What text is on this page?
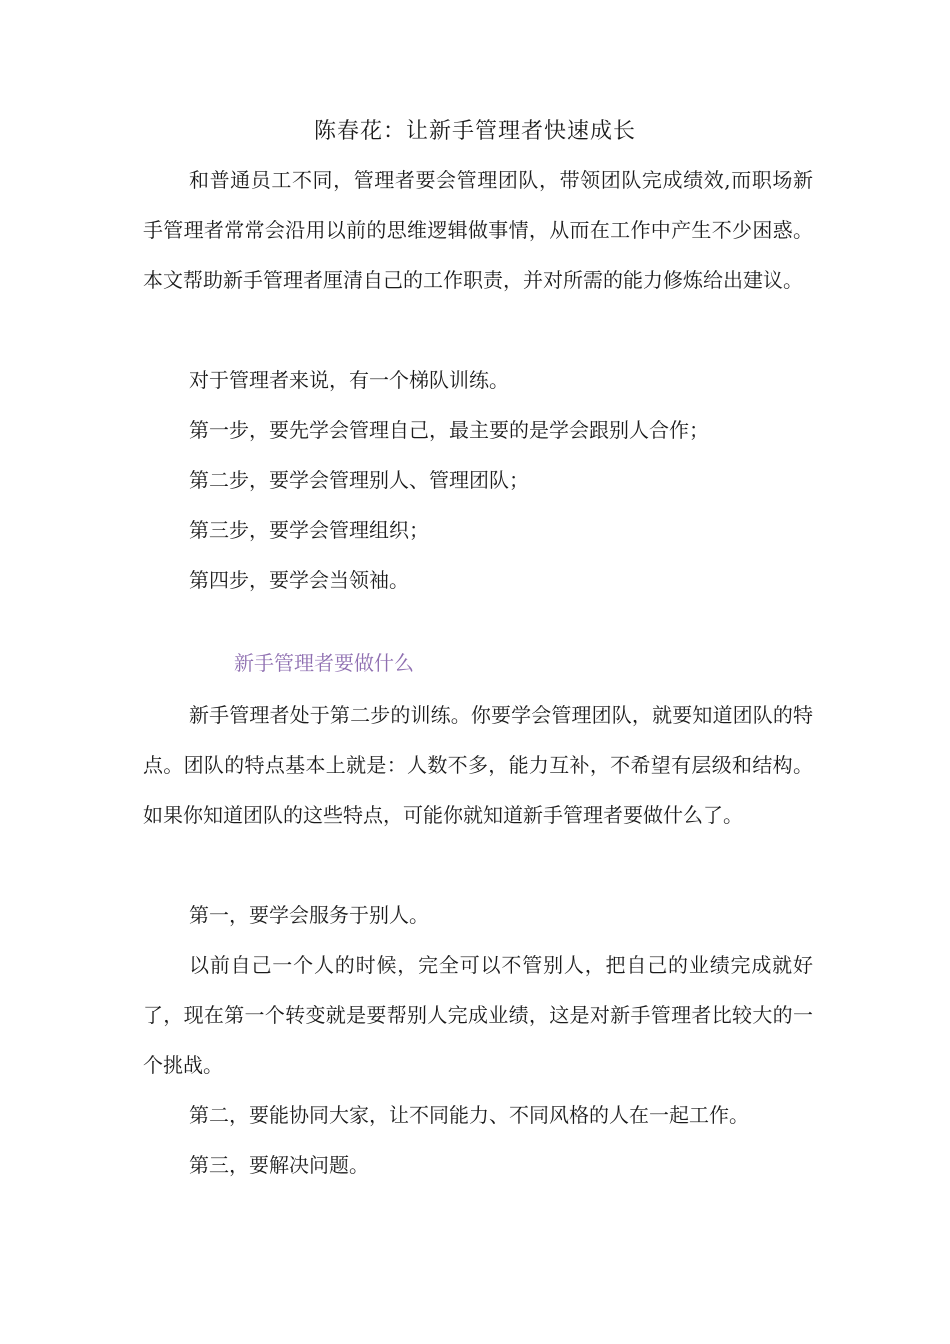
陈春花：让新手管理者快速成长

和普通员工不同，管理者要会管理团队，带领团队完成绩效,而职场新手管理者常常会沿用以前的思维逻辑做事情，从而在工作中产生不少困惑。本文帮助新手管理者厘清自己的工作职责，并对所需的能力修炼给出建议。

对于管理者来说，有一个梯队训练。

第一步，要先学会管理自己，最主要的是学会跟别人合作；

第二步，要学会管理别人、管理团队；

第三步，要学会管理组织；

第四步，要学会当领袖。

新手管理者要做什么

新手管理者处于第二步的训练。你要学会管理团队，就要知道团队的特点。团队的特点基本上就是：人数不多，能力互补，不希望有层级和结构。如果你知道团队的这些特点，可能你就知道新手管理者要做什么了。

第一，要学会服务于别人。

以前自己一个人的时候，完全可以不管别人，把自己的业绩完成就好了，现在第一个转变就是要帮别人完成业绩，这是对新手管理者比较大的一个挑战。

第二，要能协同大家，让不同能力、不同风格的人在一起工作。

第三，要解决问题。
